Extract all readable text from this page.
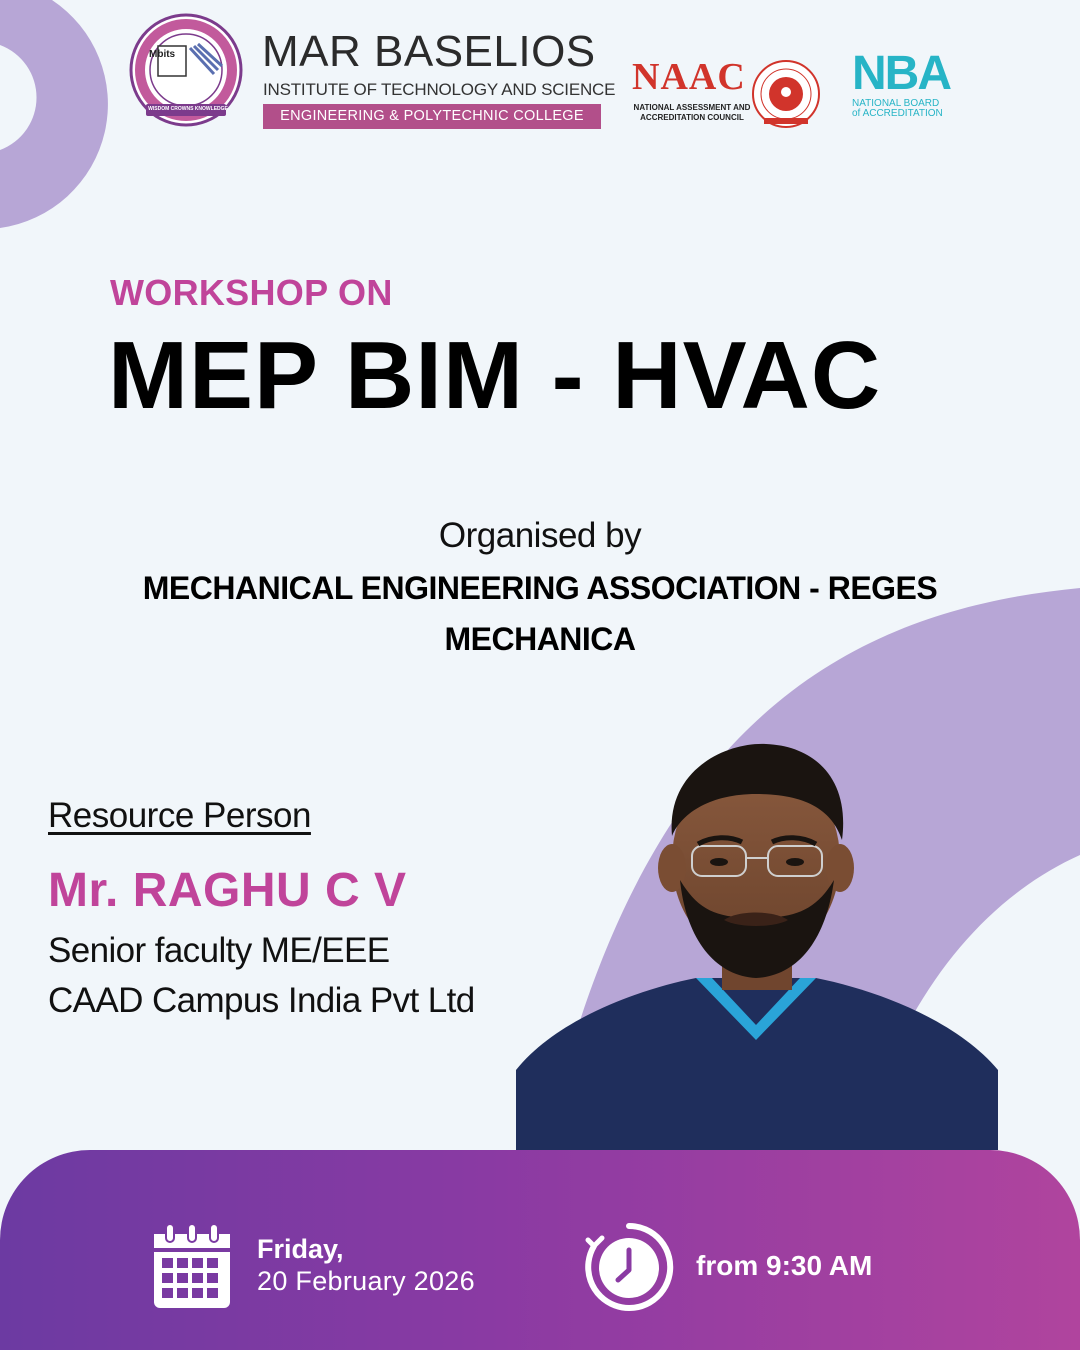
Mbits
WISDOM CROWNS KNOWLEDGE
MAR BASELIOS
INSTITUTE OF TECHNOLOGY AND SCIENCE
ENGINEERING & POLYTECHNIC COLLEGE
NAAC
NATIONAL ASSESSMENT AND
ACCREDITATION COUNCIL
NBA
NATIONAL BOARD
of ACCREDITATION
WORKSHOP ON
MEP BIM - HVAC
Organised by
MECHANICAL ENGINEERING ASSOCIATION - REGES
MECHANICA
Resource Person
Mr. RAGHU C V
Senior faculty ME/EEE
CAAD Campus India Pvt Ltd
Friday,
20 February 2026	from 9:30 AM
